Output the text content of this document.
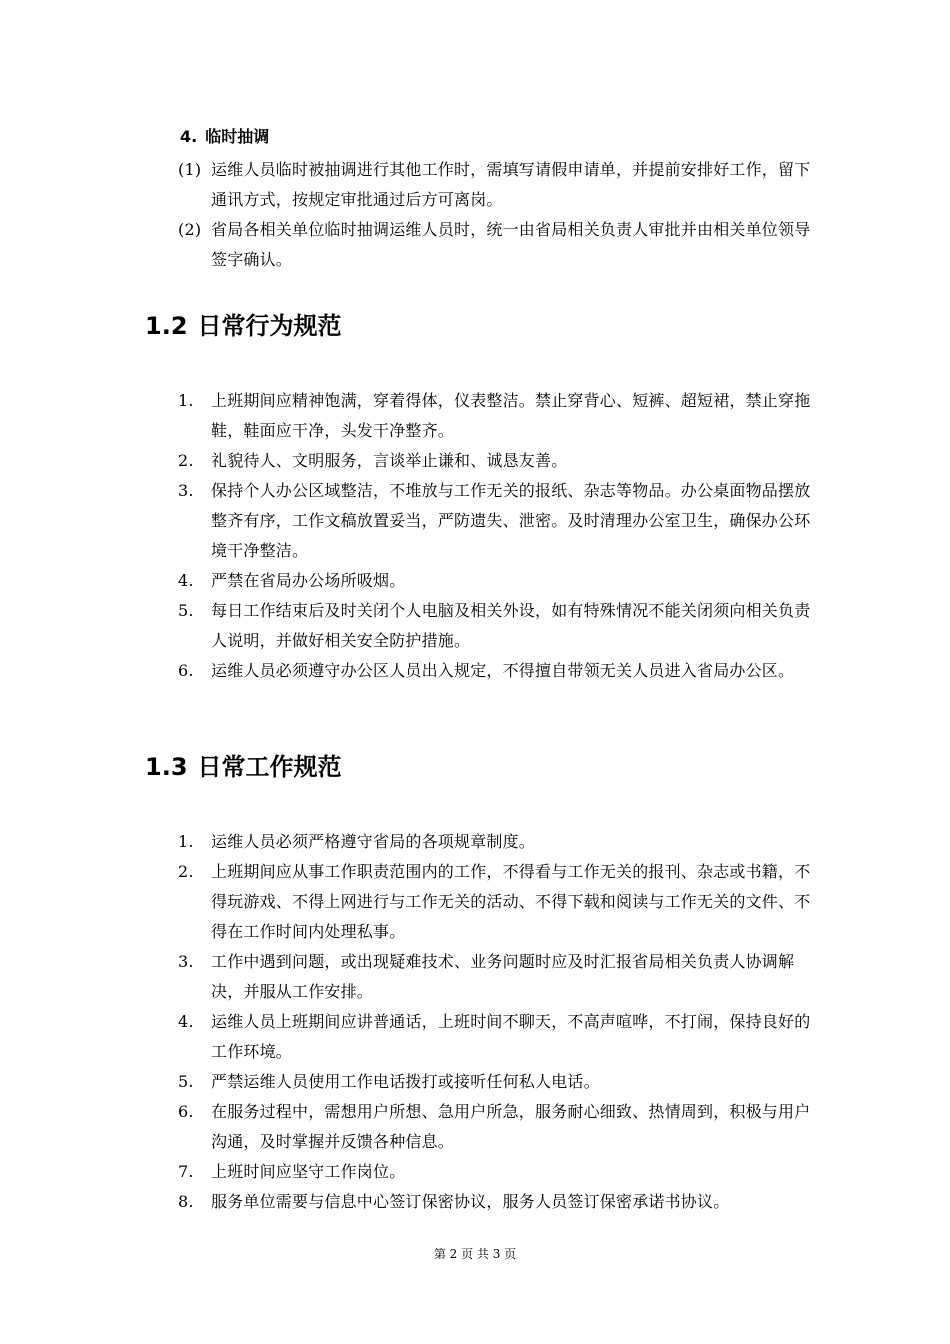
4. 临时抽调
(1) 运维人员临时被抽调进行其他工作时，需填写请假申请单，并提前安排好工作，留下通讯方式，按规定审批通过后方可离岗。
(2) 省局各相关单位临时抽调运维人员时，统一由省局相关负责人审批并由相关单位领导签字确认。
1.2 日常行为规范
1. 上班期间应精神饱满，穿着得体，仪表整洁。禁止穿背心、短裤、超短裙，禁止穿拖鞋，鞋面应干净，头发干净整齐。
2. 礼貌待人、文明服务，言谈举止谦和、诚恳友善。
3. 保持个人办公区域整洁，不堆放与工作无关的报纸、杂志等物品。办公桌面物品摆放整齐有序，工作文稿放置妥当，严防遗失、泄密。及时清理办公室卫生，确保办公环境干净整洁。
4. 严禁在省局办公场所吸烟。
5. 每日工作结束后及时关闭个人电脑及相关外设，如有特殊情况不能关闭须向相关负责人说明，并做好相关安全防护措施。
6. 运维人员必须遵守办公区人员出入规定，不得擅自带领无关人员进入省局办公区。
1.3 日常工作规范
1. 运维人员必须严格遵守省局的各项规章制度。
2. 上班期间应从事工作职责范围内的工作，不得看与工作无关的报刊、杂志或书籍，不得玩游戏、不得上网进行与工作无关的活动、不得下载和阅读与工作无关的文件、不得在工作时间内处理私事。
3. 工作中遇到问题，或出现疑难技术、业务问题时应及时汇报省局相关负责人协调解决，并服从工作安排。
4. 运维人员上班期间应讲普通话，上班时间不聊天，不高声喧哗，不打闹，保持良好的工作环境。
5. 严禁运维人员使用工作电话拨打或接听任何私人电话。
6. 在服务过程中，需想用户所想、急用户所急，服务耐心细致、热情周到，积极与用户沟通，及时掌握并反馈各种信息。
7. 上班时间应坚守工作岗位。
8. 服务单位需要与信息中心签订保密协议，服务人员签订保密承诺书协议。
第 2 页 共 3 页
